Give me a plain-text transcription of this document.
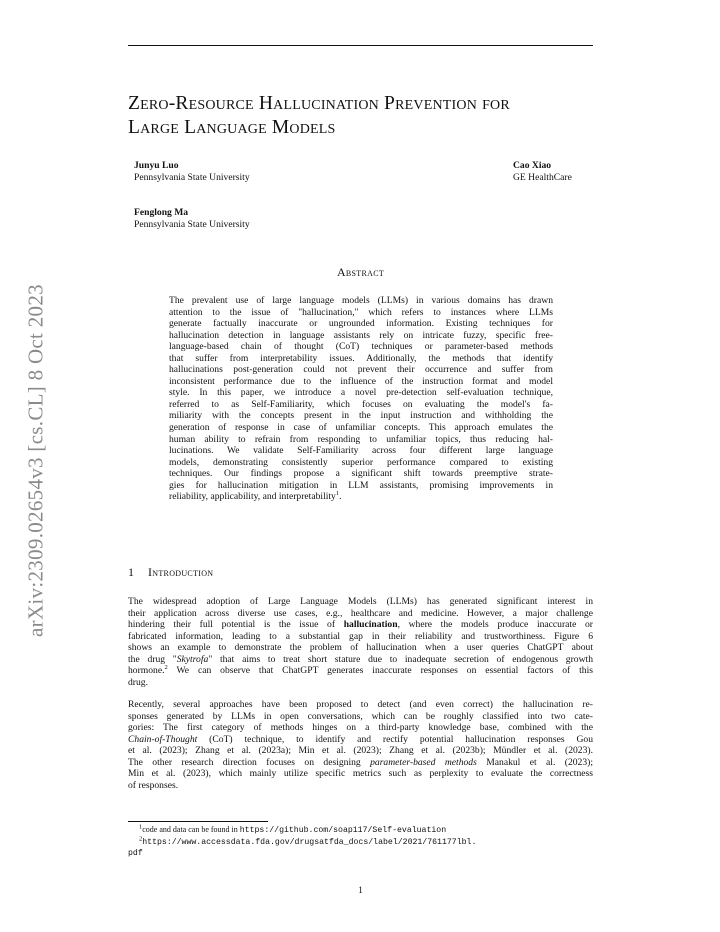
arXiv:2309.02654v3 [cs.CL] 8 Oct 2023
Zero-Resource Hallucination Prevention for
Large Language Models
Junyu Luo
Pennsylvania State University
Cao Xiao
GE HealthCare
Fenglong Ma
Pennsylvania State University
Abstract
The prevalent use of large language models (LLMs) in various domains has drawn
attention to the issue of "hallucination," which refers to instances where LLMs
generate factually inaccurate or ungrounded information. Existing techniques for
hallucination detection in language assistants rely on intricate fuzzy, specific free-
language-based chain of thought (CoT) techniques or parameter-based methods
that suffer from interpretability issues. Additionally, the methods that identify
hallucinations post-generation could not prevent their occurrence and suffer from
inconsistent performance due to the influence of the instruction format and model
style. In this paper, we introduce a novel pre-detection self-evaluation technique,
referred to as Self-Familiarity, which focuses on evaluating the model's fa-
miliarity with the concepts present in the input instruction and withholding the
generation of response in case of unfamiliar concepts. This approach emulates the
human ability to refrain from responding to unfamiliar topics, thus reducing hal-
lucinations. We validate Self-Familiarity across four different large language
models, demonstrating consistently superior performance compared to existing
techniques. Our findings propose a significant shift towards preemptive strate-
gies for hallucination mitigation in LLM assistants, promising improvements in
reliability, applicability, and interpretability$^1$.
1 Introduction
The widespread adoption of Large Language Models (LLMs) has generated significant interest in
their application across diverse use cases, e.g., healthcare and medicine. However, a major challenge
hindering their full potential is the issue of hallucination, where the models produce inaccurate or
fabricated information, leading to a substantial gap in their reliability and trustworthiness. Figure 6
shows an example to demonstrate the problem of hallucination when a user queries ChatGPT about
the drug "Skytrofa" that aims to treat short stature due to inadequate secretion of endogenous growth
hormone.$^2$ We can observe that ChatGPT generates inaccurate responses on essential factors of this
drug.
Recently, several approaches have been proposed to detect (and even correct) the hallucination re-
sponses generated by LLMs in open conversations, which can be roughly classified into two cate-
gories: The first category of methods hinges on a third-party knowledge base, combined with the
Chain-of-Thought (CoT) technique, to identify and rectify potential hallucination responses Gou
et al. (2023); Zhang et al. (2023a); Min et al. (2023); Zhang et al. (2023b); Mündler et al. (2023).
The other research direction focuses on designing parameter-based methods Manakul et al. (2023);
Min et al. (2023), which mainly utilize specific metrics such as perplexity to evaluate the correctness
of responses.
$^1$code and data can be found in https://github.com/soap117/Self-evaluation
$^2$https://www.accessdata.fda.gov/drugsatfda_docs/label/2021/761177lbl.
pdf
1
